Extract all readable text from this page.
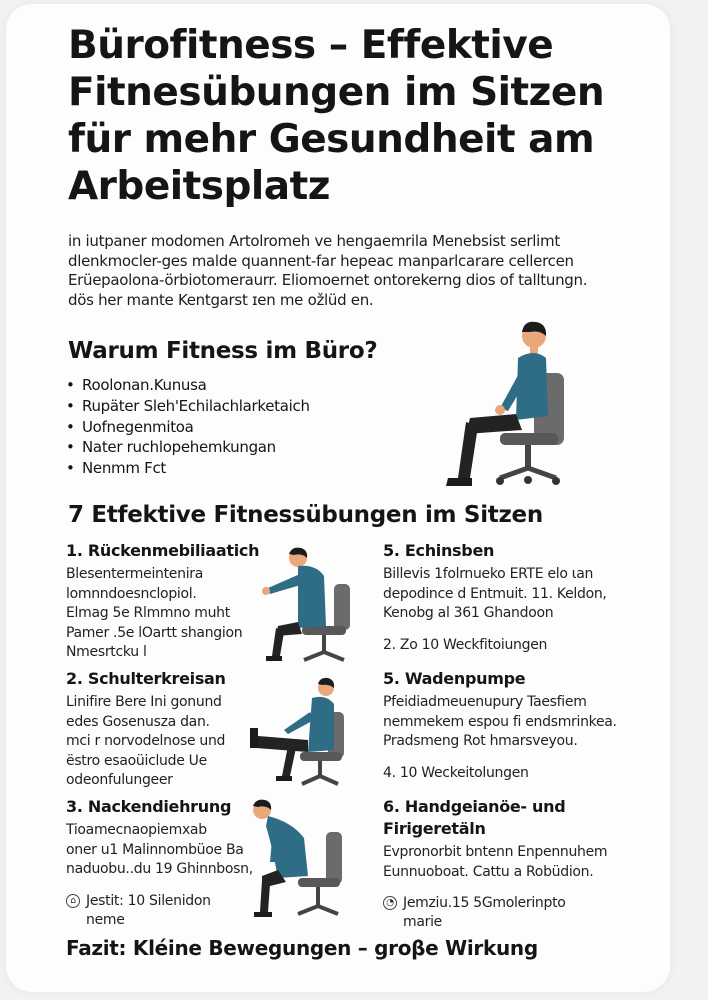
Bürofitness – Effektive Fitnesübungen im Sitzen für mehr Gesundheit am Arbeitsplatz
in iutpaner modomen Artolromeh ve hengaemrila Menebsist serlimt
dlenkmocler-ges malde quannent-far hepeac manparlcarare cellercen
Erüepaolona-örbiotomeraurr. Eliomoernet ontorekerng dios of talltungn.
dös her mante Kentgarst ɪen me ožlüd en.
Warum Fitness im Büro?
• Roolonan.Kunusa
• Rupäter Sleh'Echilachlarketaich
• Uofnegenmitoa
• Nater ruchlopehemkungan
• Nenmm Fct
7 Etfektive Fitnessübungen im Sitzen
1. Rückenmebiliaatich
Blesentermeintenira
lomnndoesnclopiol.
Elmag 5e Rlmmno muht
Pamer .5e lOartt shangion
Nmesrtcku l
5. Echinsben
Billevis 1folrnueko ERTE elo ɩan
depodince d Entmuit. 11. Keldon,
Kenobg al 361 Ghandoon
2. Zo 10 Weckfitoiungen
2. Schulterkreisan
Linifire Bere Ini gonund
edes Gosenusza dan.
mci r norvodelnose und
ëstro esaoüiclude Ue
odeonfulungeer
5. Wadenpumpe
Pfeidiadmeuenupury Taesfiem
nemmekem espou fi endsmrinkea.
Pradsmeng Rot hmarsveyou.
4. 10 Weckeitolungen
3. Nackendiehrung
Tioamecnaopiemxab
oner u1 Malinnombüoe Ba
naduobu..du 19 Ghinnbosn,
⌂ Jestit: 10 Silenidon
neme
6. Handgeianöe- und
Firigeretäln
Evpronorbit bntenn Enpennuhem
Eunnuoboat. Cattu a Robüdion.
◔ Jemziu.15 5Gmolerinpto
marie
Fazit: Kléine Bewegungen – groβe Wirkung
